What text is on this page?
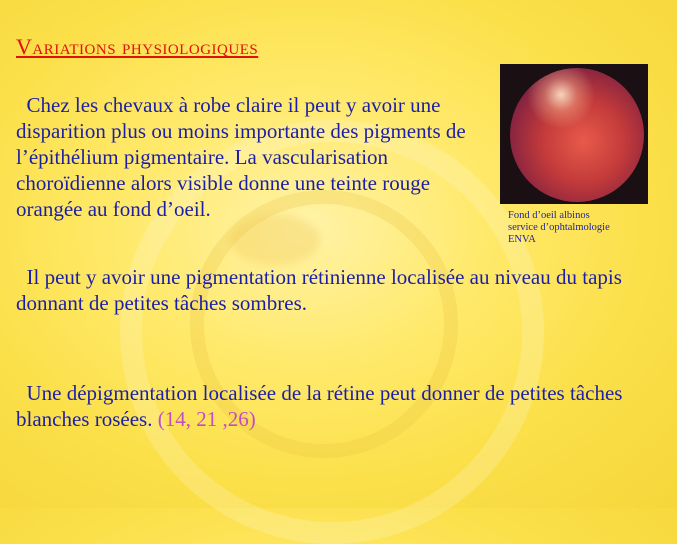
Variations physiologiques
Chez les chevaux à robe claire il peut y avoir une disparition plus ou moins importante des pigments de l’épithélium pigmentaire. La vascularisation choroïdienne alors visible donne une teinte rouge orangée au fond d’oeil.	Fond d’oeil albinos
service d’ophtalmologie
ENVA
Il peut y avoir une pigmentation rétinienne localisée au niveau du tapis donnant de petites tâches sombres.
Une dépigmentation localisée de la rétine peut donner de petites tâches blanches rosées. (14, 21 ,26)
